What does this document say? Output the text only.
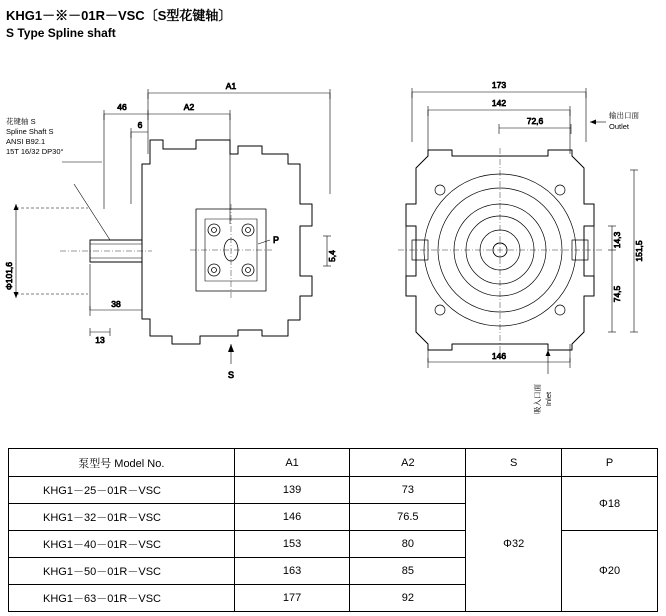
KHG1－※－01R－VSC〔S型花键轴〕
S Type Spline shaft
A1
A2
46
6
P
Φ101,6
38
13
5,4
S
173
142
72,6
146
151,5
14,3
74,5
花键轴 S
Spline Shaft S
ANSI B92.1
15T 16/32 DP30°
输出口面
Outlet
吸入口面 Inlet
泵型号 Model No.	A1	A2	S	P
KHG1－25－01R－VSC	139	73	Φ32	Φ18
KHG1－32－01R－VSC	146	76.5		
KHG1－40－01R－VSC	153	80		Φ20
KHG1－50－01R－VSC	163	85		
KHG1－63－01R－VSC	177	92		
